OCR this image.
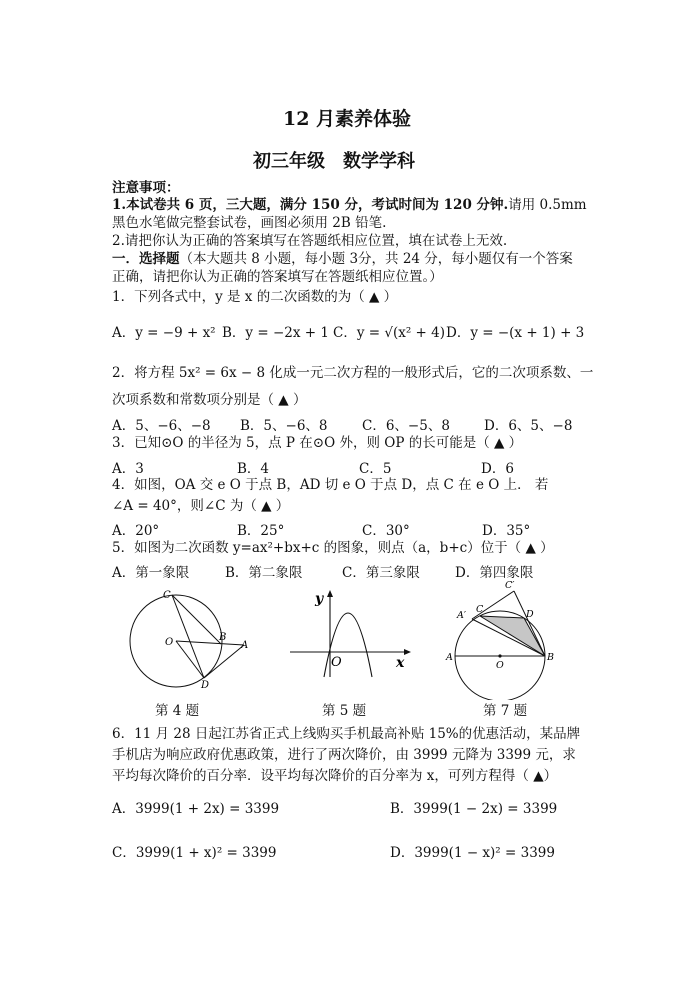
12 月素养体验
初三年级　数学学科
注意事项：
1.本试卷共 6 页，三大题，满分 150 分，考试时间为 120 分钟.请用 0.5mm
黑色水笔做完整套试卷，画图必须用 2B 铅笔.
2.请把你认为正确的答案填写在答题纸相应位置，填在试卷上无效.
一．选择题（本大题共 8 小题，每小题 3分，共 24 分，每小题仅有一个答案
正确，请把你认为正确的答案填写在答题纸相应位置。）
1．下列各式中，y 是 x 的二次函数的为（ ▲ ）
A．y = −9 + x² B．y = −2x + 1 C．y = √(x² + 4) D．y = −(x + 1) + 3
2．将方程 5x² = 6x − 8 化成一元二次方程的一般形式后，它的二次项系数、一
次项系数和常数项分别是（ ▲ ）
A．5、−6、−8 B．5、−6、8	C．6、−5、8	D．6、5、−8
3．已知⊙O 的半径为 5，点 P 在⊙O 外，则 OP 的长可能是（ ▲ ）
A．3	B．4	C．5	D．6
4．如图，OA 交 e O 于点 B，AD 切 e O 于点 D，点 C 在 e O 上． 若
∠A = 40°，则∠C 为（ ▲ ）
A．20°	B．25°	C．30°	D．35°
5．如图为二次函数 y=ax²+bx+c 的图象，则点（a，b+c）位于（ ▲ ）
A．第一象限	B．第二象限	C．第三象限	D．第四象限
C
O	B
A
D
第 4 题
y
O	x
第 5 题
C′
A′
C	D
A
O
B
第 7 题
6．11 月 28 日起江苏省正式上线购买手机最高补贴 15%的优惠活动，某品牌
手机店为响应政府优惠政策，进行了两次降价，由 3999 元降为 3399 元，求
平均每次降价的百分率．设平均每次降价的百分率为 x，可列方程得（ ▲）
A．3999(1 + 2x) = 3399	B．3999(1 − 2x) = 3399
C．3999(1 + x)² = 3399	D．3999(1 − x)² = 3399
